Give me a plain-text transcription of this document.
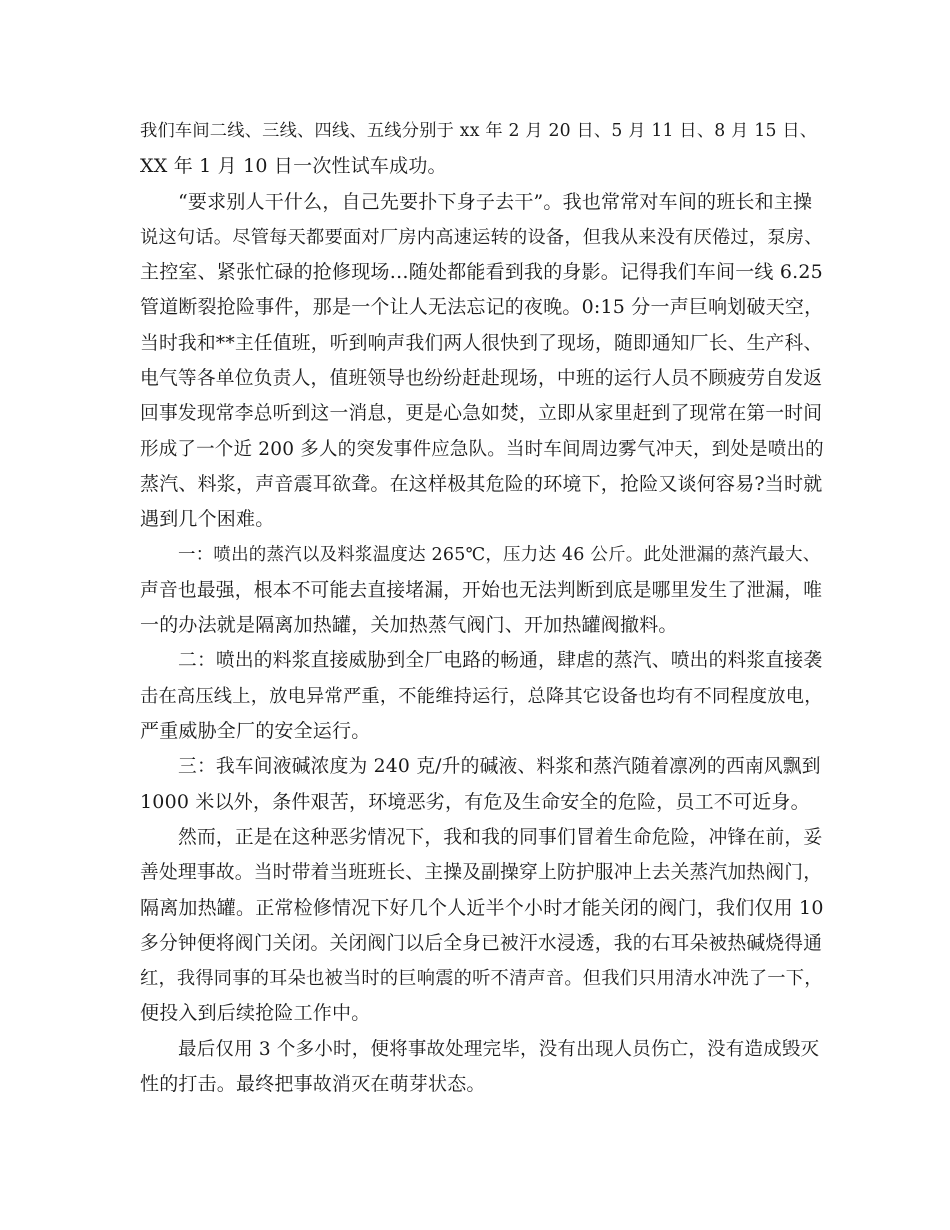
我们车间二线、三线、四线、五线分别于 xx 年 2 月 20 日、5 月 11 日、8 月 15 日、
XX 年 1 月 10 日一次性试车成功。
“要求别人干什么，自己先要扑下身子去干”。我也常常对车间的班长和主操
说这句话。尽管每天都要面对厂房内高速运转的设备，但我从来没有厌倦过，泵房、
主控室、紧张忙碌的抢修现场…随处都能看到我的身影。记得我们车间一线 6.25
管道断裂抢险事件，那是一个让人无法忘记的夜晚。0:15 分一声巨响划破天空，
当时我和**主任值班，听到响声我们两人很快到了现场，随即通知厂长、生产科、
电气等各单位负责人，值班领导也纷纷赶赴现场，中班的运行人员不顾疲劳自发返
回事发现常李总听到这一消息，更是心急如焚，立即从家里赶到了现常在第一时间
形成了一个近 200 多人的突发事件应急队。当时车间周边雾气冲天，到处是喷出的
蒸汽、料浆，声音震耳欲聋。在这样极其危险的环境下，抢险又谈何容易?当时就
遇到几个困难。
一：喷出的蒸汽以及料浆温度达 265℃，压力达 46 公斤。此处泄漏的蒸汽最大、
声音也最强，根本不可能去直接堵漏，开始也无法判断到底是哪里发生了泄漏，唯
一的办法就是隔离加热罐，关加热蒸气阀门、开加热罐阀撤料。
二：喷出的料浆直接威胁到全厂电路的畅通，肆虐的蒸汽、喷出的料浆直接袭
击在高压线上，放电异常严重，不能维持运行，总降其它设备也均有不同程度放电，
严重威胁全厂的安全运行。
三：我车间液碱浓度为 240 克/升的碱液、料浆和蒸汽随着凛冽的西南风飘到
1000 米以外，条件艰苦，环境恶劣，有危及生命安全的危险，员工不可近身。
然而，正是在这种恶劣情况下，我和我的同事们冒着生命危险，冲锋在前，妥
善处理事故。当时带着当班班长、主操及副操穿上防护服冲上去关蒸汽加热阀门，
隔离加热罐。正常检修情况下好几个人近半个小时才能关闭的阀门，我们仅用 10
多分钟便将阀门关闭。关闭阀门以后全身已被汗水浸透，我的右耳朵被热碱烧得通
红，我得同事的耳朵也被当时的巨响震的听不清声音。但我们只用清水冲洗了一下，
便投入到后续抢险工作中。
最后仅用 3 个多小时，便将事故处理完毕，没有出现人员伤亡，没有造成毁灭
性的打击。最终把事故消灭在萌芽状态。
